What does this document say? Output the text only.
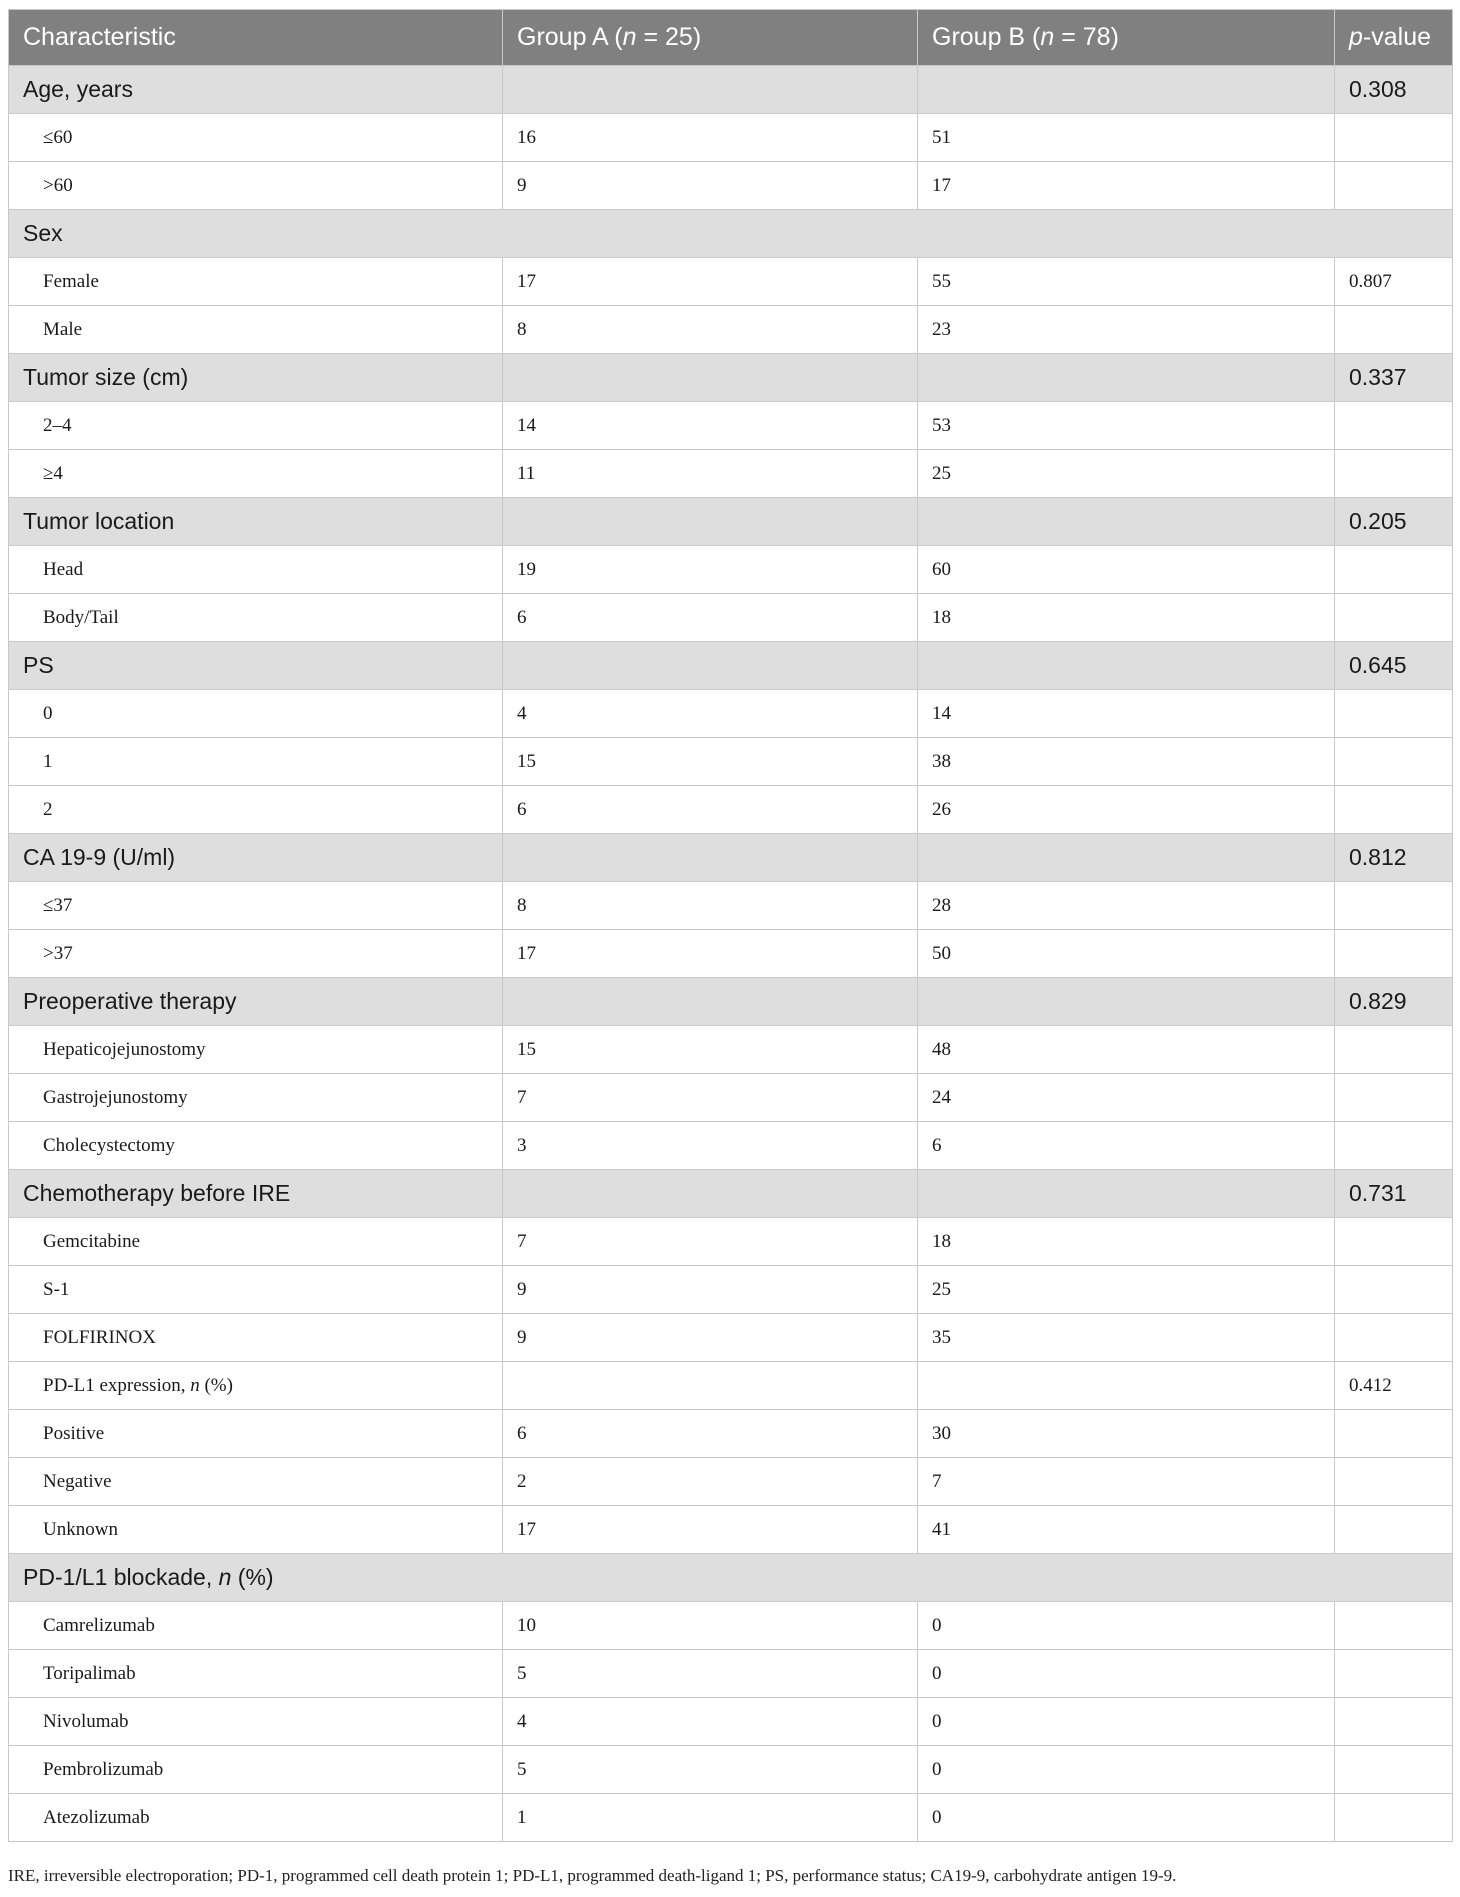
Characteristic	Group A (n = 25)	Group B (n = 78)	p-value
Age, years			0.308
≤60	16	51	
>60	9	17	
Sex			
Female	17	55	0.807
Male	8	23	
Tumor size (cm)			0.337
2–4	14	53	
≥4	11	25	
Tumor location			0.205
Head	19	60	
Body/Tail	6	18	
PS			0.645
0	4	14	
1	15	38	
2	6	26	
CA 19-9 (U/ml)			0.812
≤37	8	28	
>37	17	50	
Preoperative therapy			0.829
Hepaticojejunostomy	15	48	
Gastrojejunostomy	7	24	
Cholecystectomy	3	6	
Chemotherapy before IRE			0.731
Gemcitabine	7	18	
S-1	9	25	
FOLFIRINOX	9	35	
PD-L1 expression, n (%)			0.412
Positive	6	30	
Negative	2	7	
Unknown	17	41	
PD-1/L1 blockade, n (%)			
Camrelizumab	10	0	
Toripalimab	5	0	
Nivolumab	4	0	
Pembrolizumab	5	0	
Atezolizumab	1	0	
IRE, irreversible electroporation; PD-1, programmed cell death protein 1; PD-L1, programmed death-ligand 1; PS, performance status; CA19-9, carbohydrate antigen 19-9.
